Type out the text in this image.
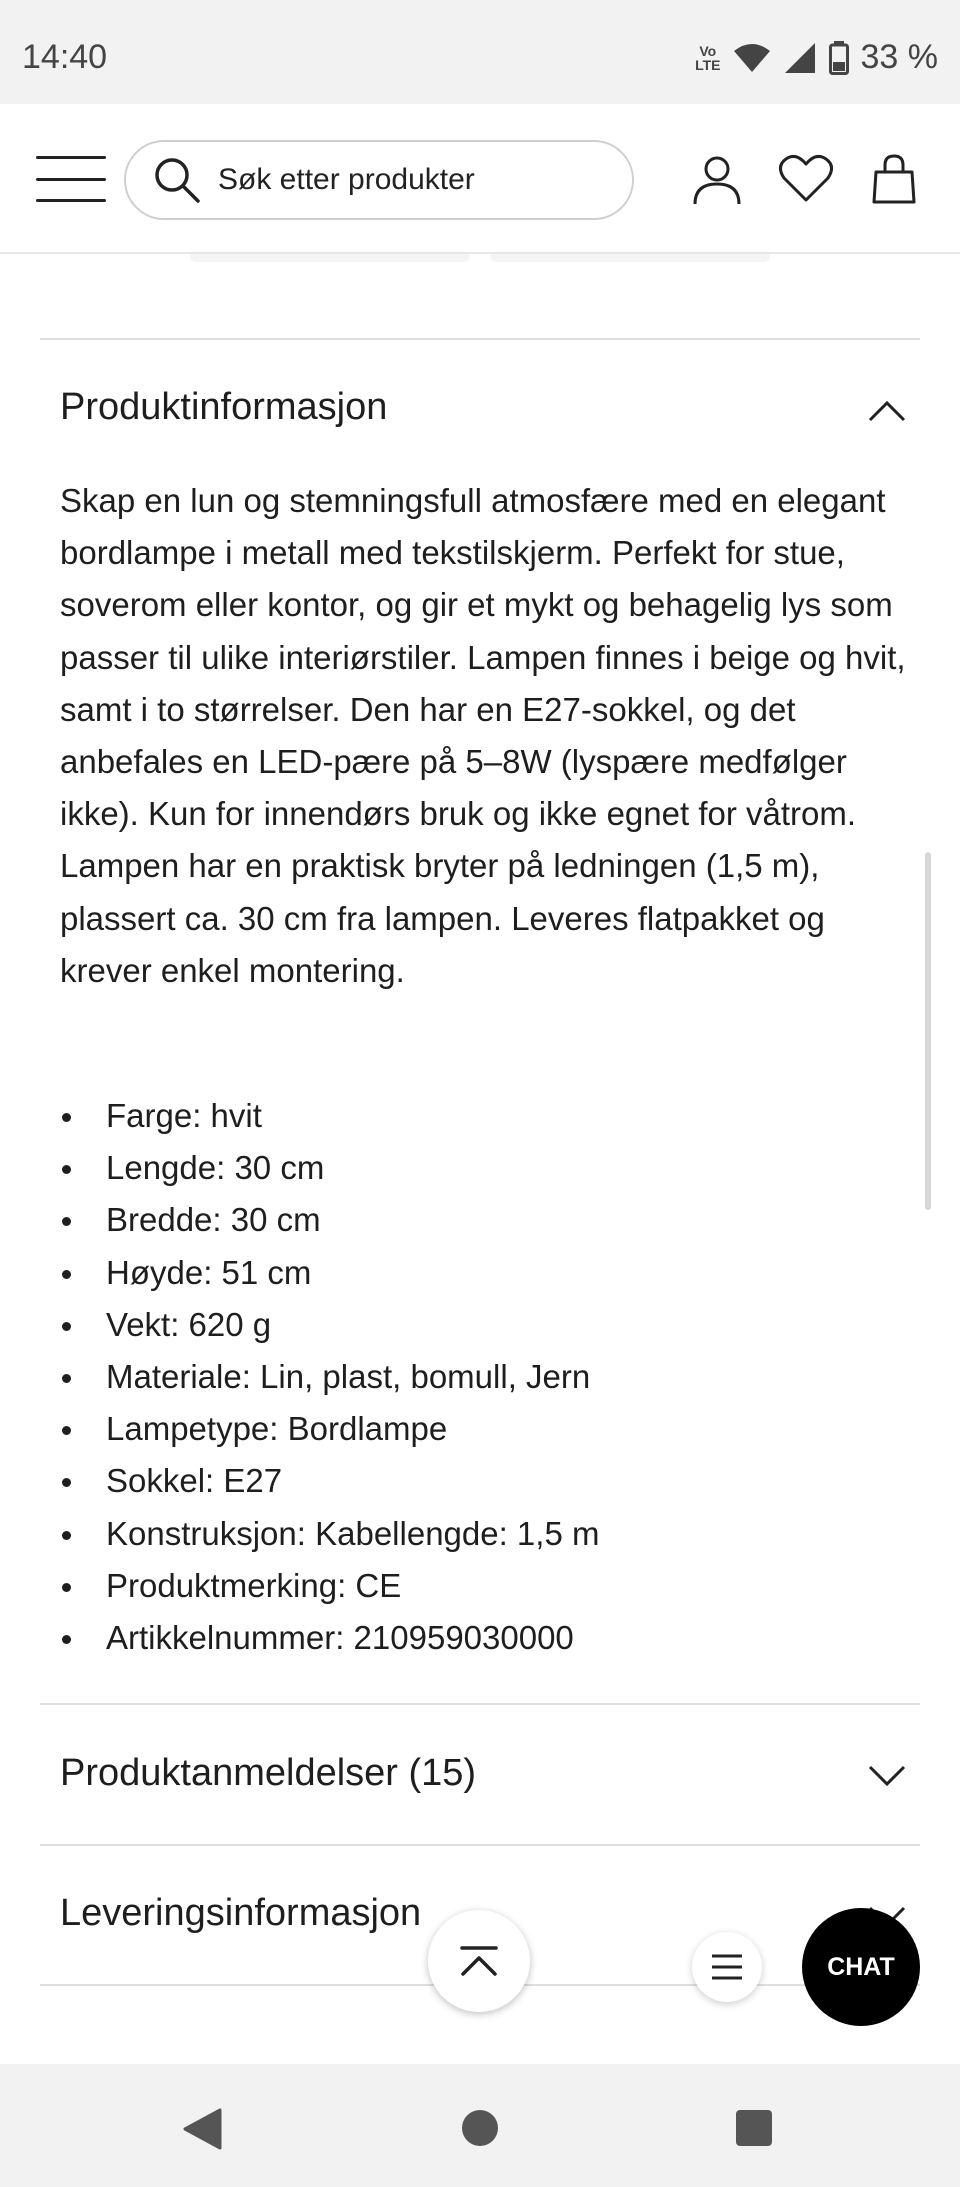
14:40	Vo
LTE	33 %
Søk etter produkter
Produktinformasjon
Skap en lun og stemningsfull atmosfære med en elegant bordlampe i metall med tekstilskjerm. Perfekt for stue, soverom eller kontor, og gir et mykt og behagelig lys som passer til ulike interiørstiler. Lampen finnes i beige og hvit, samt i to størrelser. Den har en E27-sokkel, og det anbefales en LED-pære på 5–8W (lyspære medfølger ikke). Kun for innendørs bruk og ikke egnet for våtrom. Lampen har en praktisk bryter på ledningen (1,5 m), plassert ca. 30 cm fra lampen. Leveres flatpakket og krever enkel montering.
Farge: hvit
Lengde: 30 cm
Bredde: 30 cm
Høyde: 51 cm
Vekt: 620 g
Materiale: Lin, plast, bomull, Jern
Lampetype: Bordlampe
Sokkel: E27
Konstruksjon: Kabellengde: 1,5 m
Produktmerking: CE
Artikkelnummer: 210959030000
Produktanmeldelser (15)
Leveringsinformasjon
CHAT
